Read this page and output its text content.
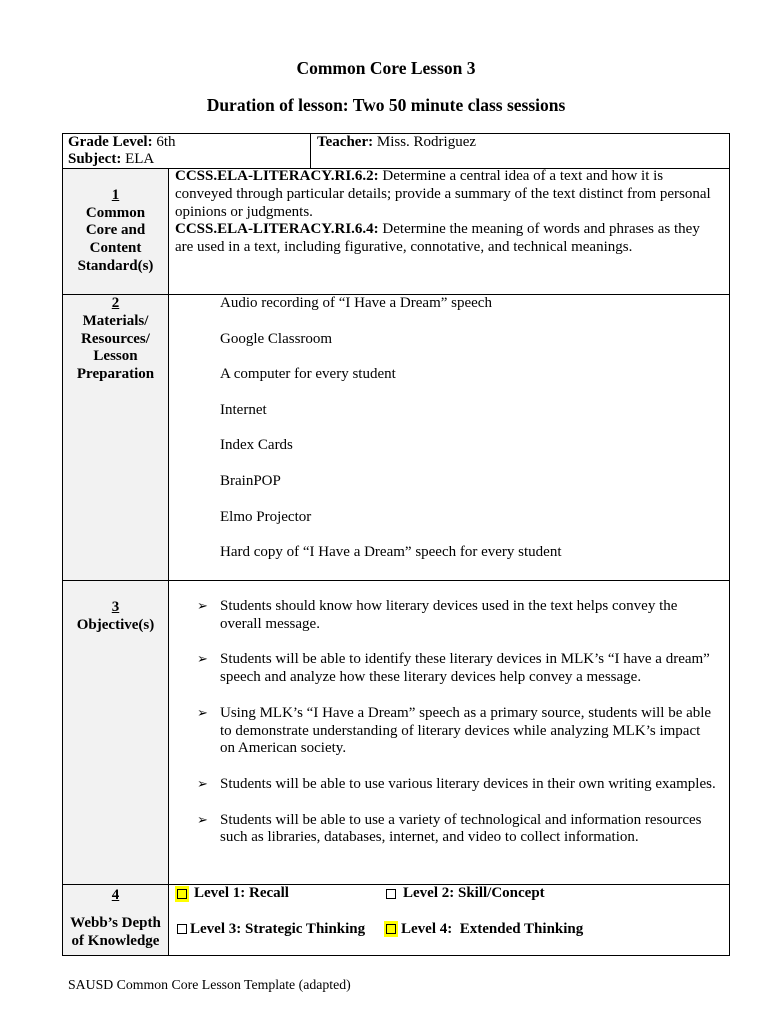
Common Core Lesson 3
Duration of lesson: Two 50 minute class sessions
Grade Level: 6th
Subject: ELA
Teacher: Miss. Rodriguez
1
Common
Core and
Content
Standard(s)
CCSS.ELA-LITERACY.RI.6.2: Determine a central idea of a text and how it is
conveyed through particular details; provide a summary of the text distinct from personal
opinions or judgments.
CCSS.ELA-LITERACY.RI.6.4: Determine the meaning of words and phrases as they
are used in a text, including figurative, connotative, and technical meanings.
2
Materials/
Resources/
Lesson
Preparation
Audio recording of “I Have a Dream” speech
Google Classroom
A computer for every student
Internet
Index Cards
BrainPOP
Elmo Projector
Hard copy of “I Have a Dream” speech for every student
3
Objective(s)
➢ Students should know how literary devices used in the text helps convey the
overall message.
➢ Students will be able to identify these literary devices in MLK’s “I have a dream”
speech and analyze how these literary devices help convey a message.
➢ Using MLK’s “I Have a Dream” speech as a primary source, students will be able
to demonstrate understanding of literary devices while analyzing MLK’s impact
on American society.
➢ Students will be able to use various literary devices in their own writing examples.
➢ Students will be able to use a variety of technological and information resources
such as libraries, databases, internet, and video to collect information.
4
Webb’s Depth
of Knowledge
Level 1: Recall	Level 2: Skill/Concept
Level 3: Strategic Thinking Level 4:  Extended Thinking
SAUSD Common Core Lesson Template (adapted)
